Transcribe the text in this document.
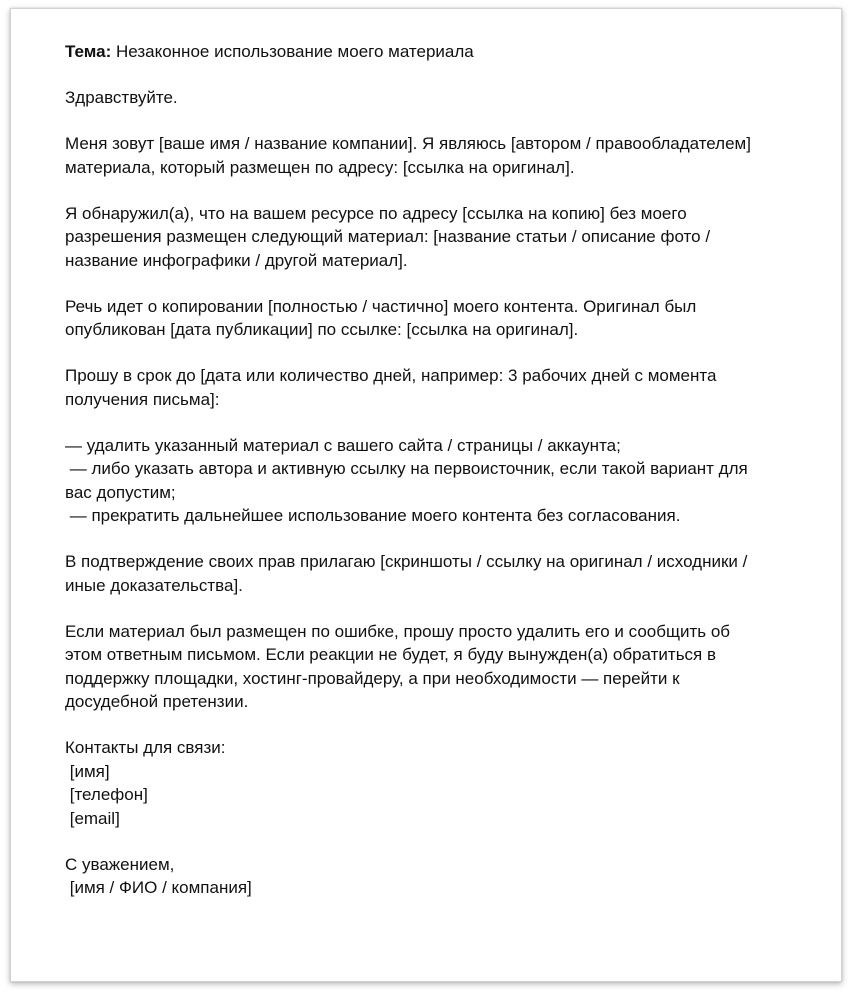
Тема: Незаконное использование моего материала
Здравствуйте.
Меня зовут [ваше имя / название компании]. Я являюсь [автором / правообладателем]
материала, который размещен по адресу: [ссылка на оригинал].
Я обнаружил(а), что на вашем ресурсе по адресу [ссылка на копию] без моего
разрешения размещен следующий материал: [название статьи / описание фото /
название инфографики / другой материал].
Речь идет о копировании [полностью / частично] моего контента. Оригинал был
опубликован [дата публикации] по ссылке: [ссылка на оригинал].
Прошу в срок до [дата или количество дней, например: 3 рабочих дней с момента
получения письма]:
— удалить указанный материал с вашего сайта / страницы / аккаунта;
— либо указать автора и активную ссылку на первоисточник, если такой вариант для
вас допустим;
— прекратить дальнейшее использование моего контента без согласования.
В подтверждение своих прав прилагаю [скриншоты / ссылку на оригинал / исходники /
иные доказательства].
Если материал был размещен по ошибке, прошу просто удалить его и сообщить об
этом ответным письмом. Если реакции не будет, я буду вынужден(а) обратиться в
поддержку площадки, хостинг-провайдеру, а при необходимости — перейти к
досудебной претензии.
Контакты для связи:
[имя]
[телефон]
[email]
С уважением,
[имя / ФИО / компания]
